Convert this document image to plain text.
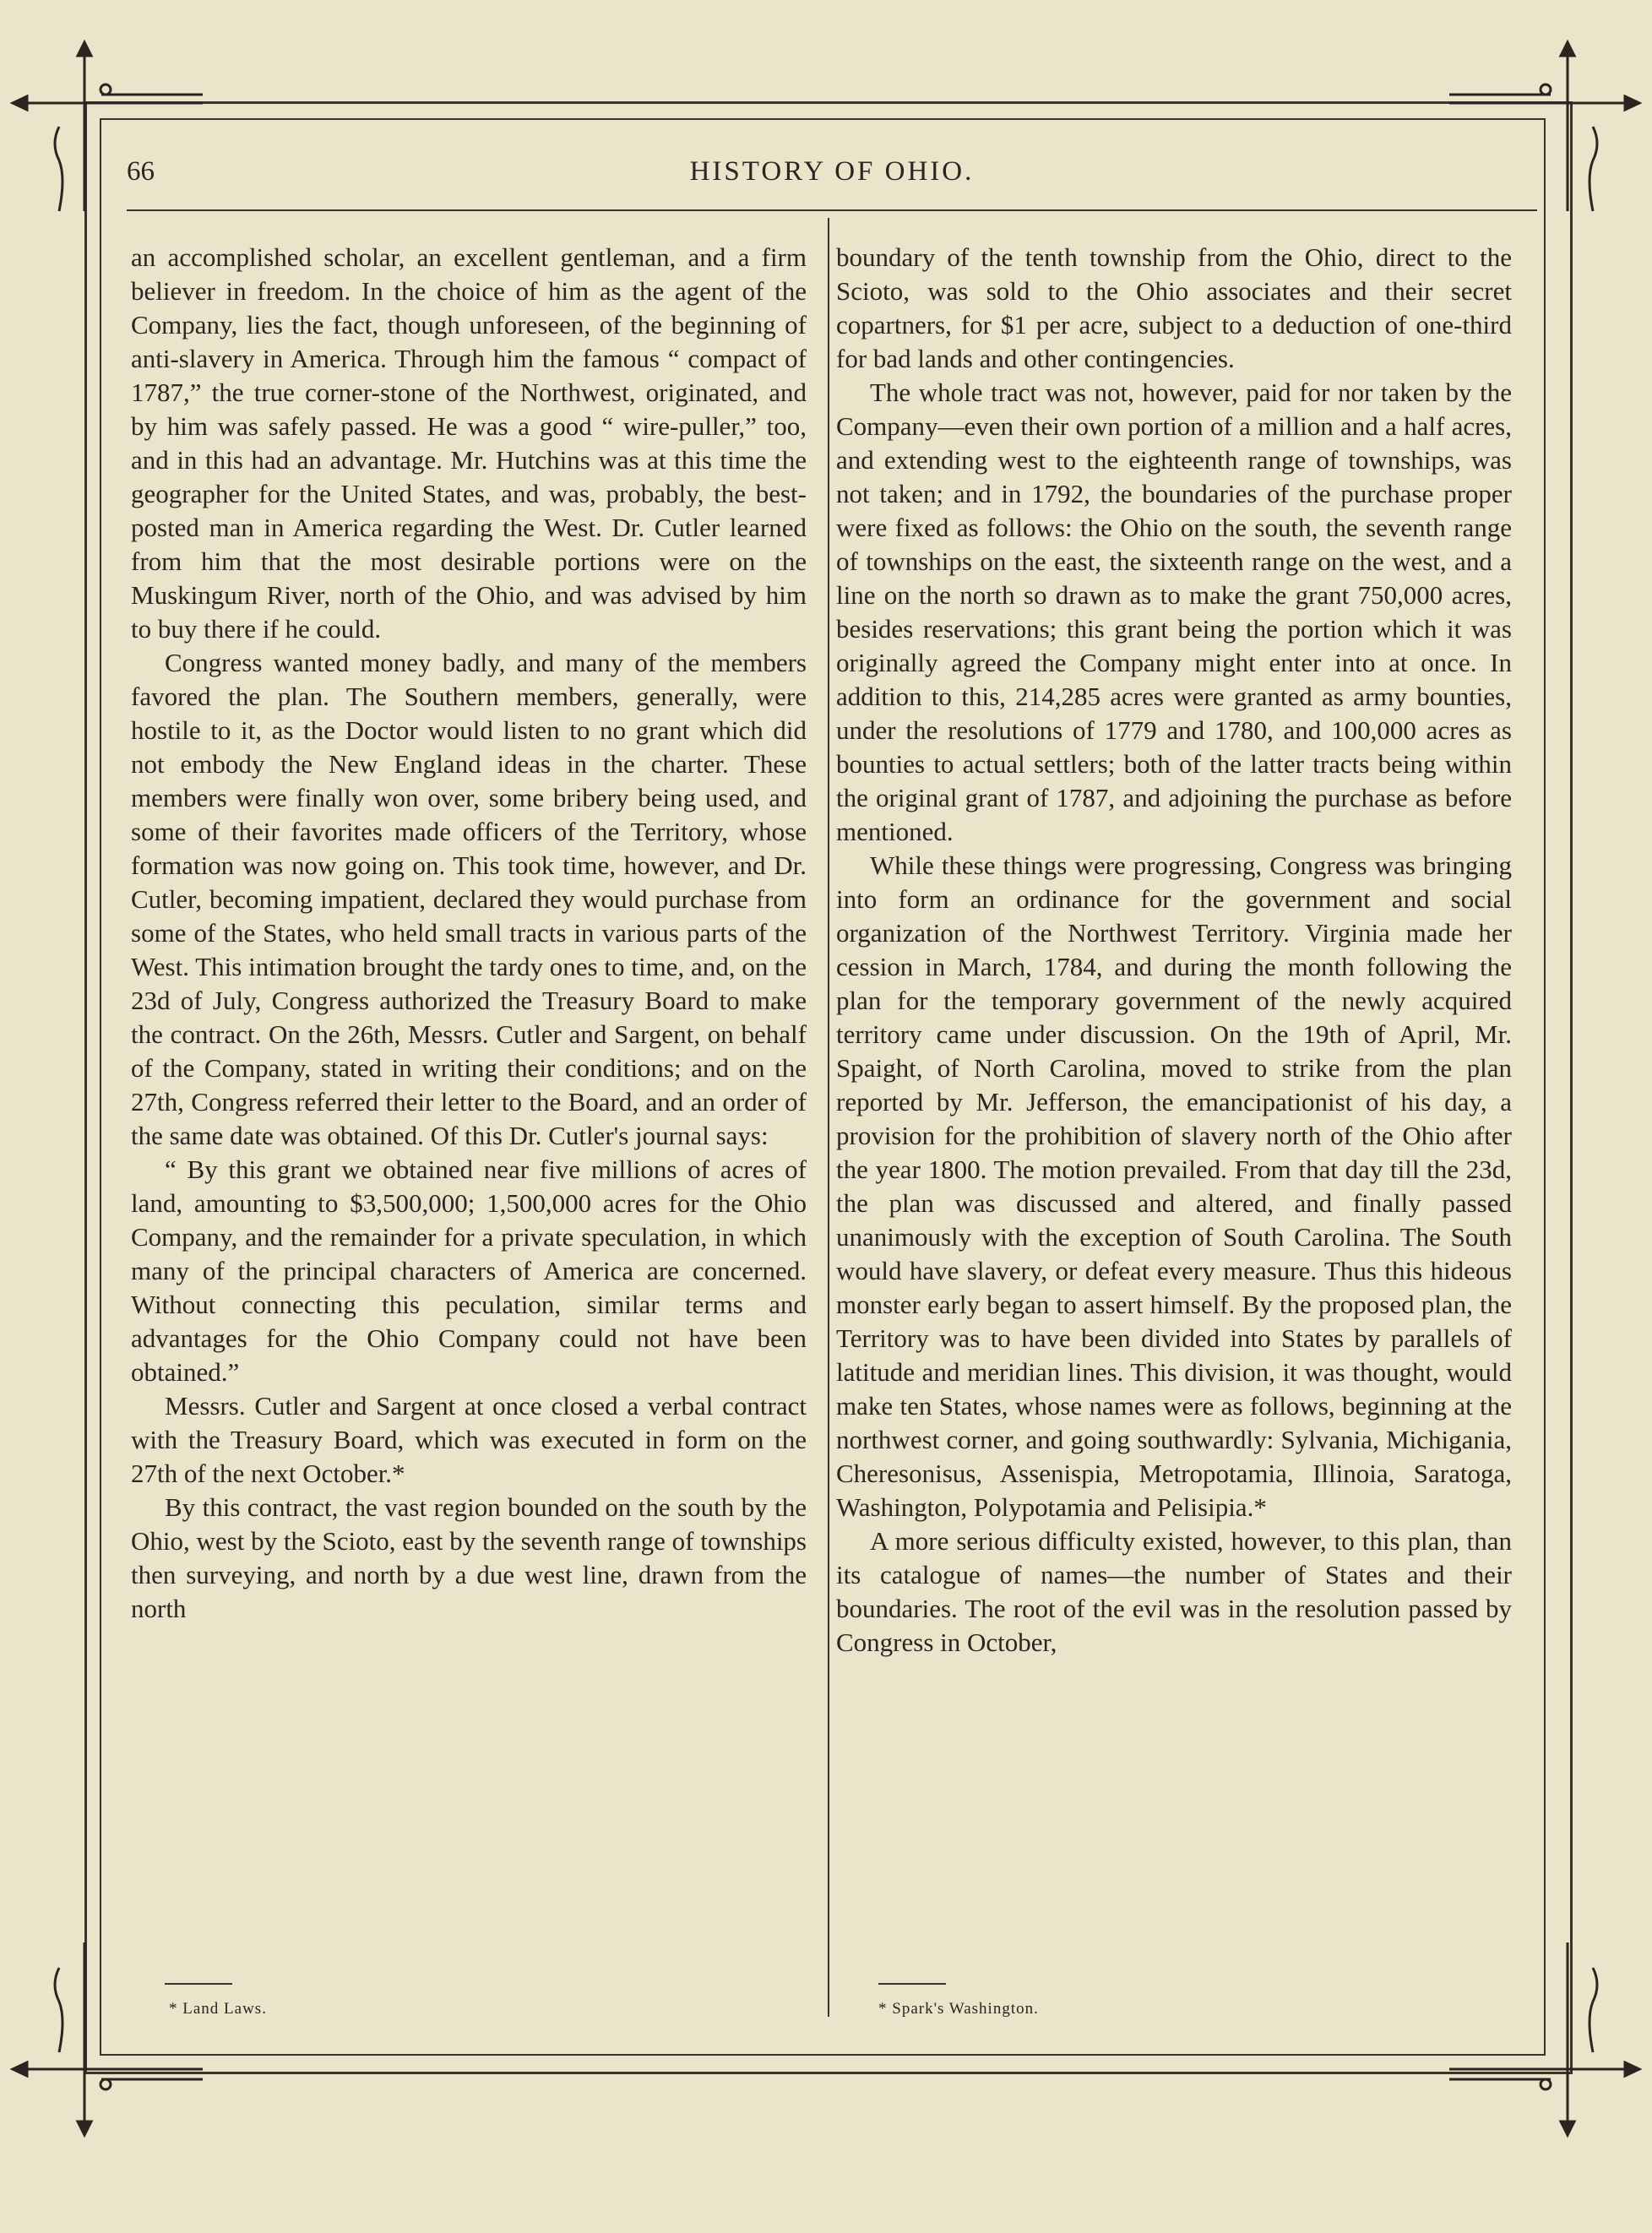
66	HISTORY OF OHIO.

an accomplished scholar, an excellent gentleman, and a firm believer in freedom. In the choice of him as the agent of the Company, lies the fact, though unforeseen, of the beginning of anti-slavery in America. Through him the famous “ compact of 1787,” the true corner-stone of the Northwest, originated, and by him was safely passed. He was a good “ wire-puller,” too, and in this had an advantage. Mr. Hutchins was at this time the geographer for the United States, and was, probably, the best-posted man in America regarding the West. Dr. Cutler learned from him that the most desirable portions were on the Muskingum River, north of the Ohio, and was advised by him to buy there if he could.

Congress wanted money badly, and many of the members favored the plan. The Southern members, generally, were hostile to it, as the Doctor would listen to no grant which did not embody the New England ideas in the charter. These members were finally won over, some bribery being used, and some of their favorites made officers of the Territory, whose formation was now going on. This took time, however, and Dr. Cutler, becoming impatient, declared they would purchase from some of the States, who held small tracts in various parts of the West. This intimation brought the tardy ones to time, and, on the 23d of July, Congress authorized the Treasury Board to make the contract. On the 26th, Messrs. Cutler and Sargent, on behalf of the Company, stated in writing their conditions; and on the 27th, Congress referred their letter to the Board, and an order of the same date was obtained. Of this Dr. Cutler's journal says:

“ By this grant we obtained near five millions of acres of land, amounting to $3,500,000; 1,500,000 acres for the Ohio Company, and the remainder for a private speculation, in which many of the principal characters of America are concerned. Without connecting this peculation, similar terms and advantages for the Ohio Company could not have been obtained.”

Messrs. Cutler and Sargent at once closed a verbal contract with the Treasury Board, which was executed in form on the 27th of the next October.*

By this contract, the vast region bounded on the south by the Ohio, west by the Scioto, east by the seventh range of townships then surveying, and north by a due west line, drawn from the north

* Land Laws.

boundary of the tenth township from the Ohio, direct to the Scioto, was sold to the Ohio associates and their secret copartners, for $1 per acre, subject to a deduction of one-third for bad lands and other contingencies.

The whole tract was not, however, paid for nor taken by the Company—even their own portion of a million and a half acres, and extending west to the eighteenth range of townships, was not taken; and in 1792, the boundaries of the purchase proper were fixed as follows: the Ohio on the south, the seventh range of townships on the east, the sixteenth range on the west, and a line on the north so drawn as to make the grant 750,000 acres, besides reservations; this grant being the portion which it was originally agreed the Company might enter into at once. In addition to this, 214,285 acres were granted as army bounties, under the resolutions of 1779 and 1780, and 100,000 acres as bounties to actual settlers; both of the latter tracts being within the original grant of 1787, and adjoining the purchase as before mentioned.

While these things were progressing, Congress was bringing into form an ordinance for the government and social organization of the Northwest Territory. Virginia made her cession in March, 1784, and during the month following the plan for the temporary government of the newly acquired territory came under discussion. On the 19th of April, Mr. Spaight, of North Carolina, moved to strike from the plan reported by Mr. Jefferson, the emancipationist of his day, a provision for the prohibition of slavery north of the Ohio after the year 1800. The motion prevailed. From that day till the 23d, the plan was discussed and altered, and finally passed unanimously with the exception of South Carolina. The South would have slavery, or defeat every measure. Thus this hideous monster early began to assert himself. By the proposed plan, the Territory was to have been divided into States by parallels of latitude and meridian lines. This division, it was thought, would make ten States, whose names were as follows, beginning at the northwest corner, and going southwardly: Sylvania, Michigania, Cheresonisus, Assenispia, Metropotamia, Illinoia, Saratoga, Washington, Polypotamia and Pelisipia.*

A more serious difficulty existed, however, to this plan, than its catalogue of names—the number of States and their boundaries. The root of the evil was in the resolution passed by Congress in October,

* Spark's Washington.
